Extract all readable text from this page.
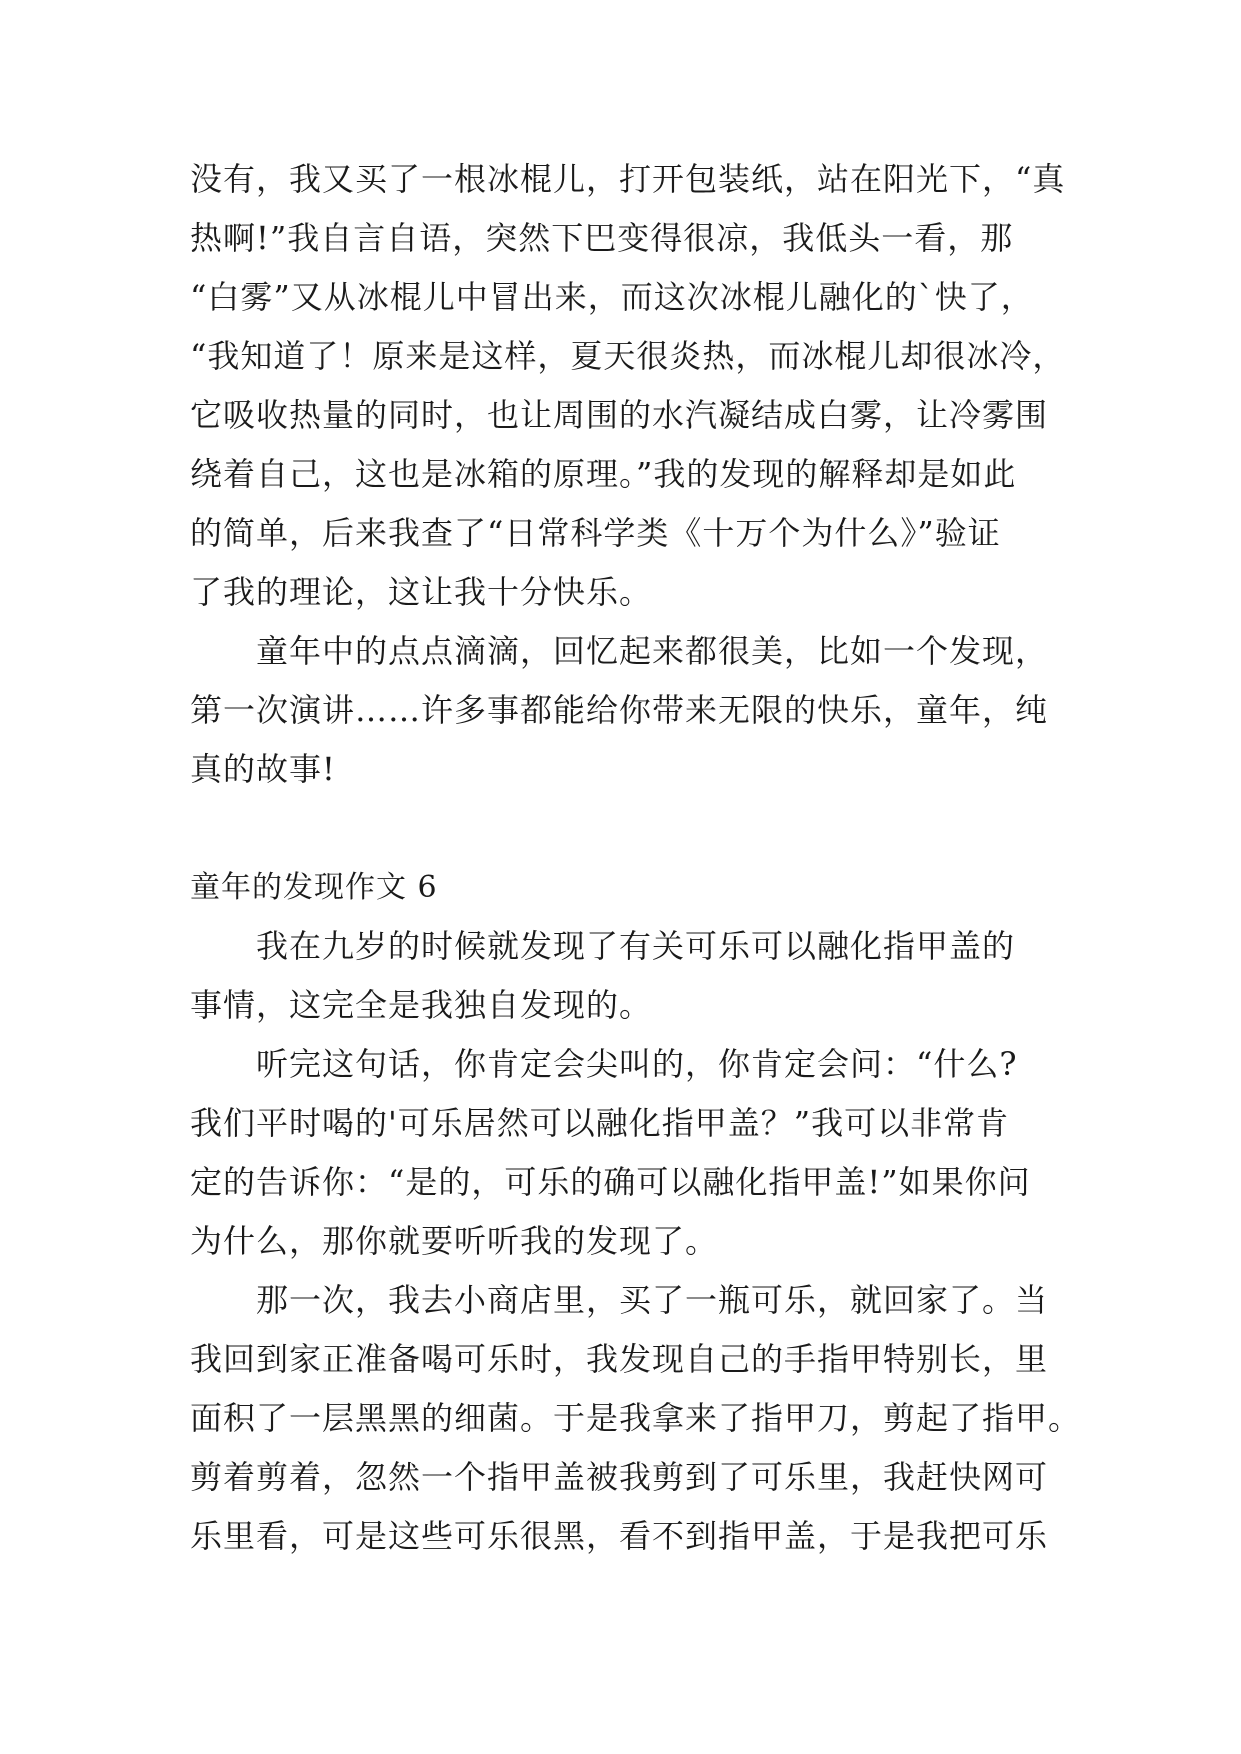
没有，我又买了一根冰棍儿，打开包装纸，站在阳光下，“真
热啊!”我自言自语，突然下巴变得很凉，我低头一看，那
“白雾”又从冰棍儿中冒出来，而这次冰棍儿融化的`快了，
“我知道了！原来是这样，夏天很炎热，而冰棍儿却很冰冷，
它吸收热量的同时，也让周围的水汽凝结成白雾，让冷雾围
绕着自己，这也是冰箱的原理。”我的发现的解释却是如此
的简单，后来我查了“日常科学类《十万个为什么》”验证
了我的理论，这让我十分快乐。
童年中的点点滴滴，回忆起来都很美，比如一个发现，
第一次演讲……许多事都能给你带来无限的快乐，童年，纯
真的故事!
童年的发现作文 6
我在九岁的时候就发现了有关可乐可以融化指甲盖的
事情，这完全是我独自发现的。
听完这句话，你肯定会尖叫的，你肯定会问：“什么?
我们平时喝的'可乐居然可以融化指甲盖？”我可以非常肯
定的告诉你：“是的，可乐的确可以融化指甲盖!”如果你问
为什么，那你就要听听我的发现了。
那一次，我去小商店里，买了一瓶可乐，就回家了。当
我回到家正准备喝可乐时，我发现自己的手指甲特别长，里
面积了一层黑黑的细菌。于是我拿来了指甲刀，剪起了指甲。
剪着剪着，忽然一个指甲盖被我剪到了可乐里，我赶快网可
乐里看，可是这些可乐很黑，看不到指甲盖，于是我把可乐
